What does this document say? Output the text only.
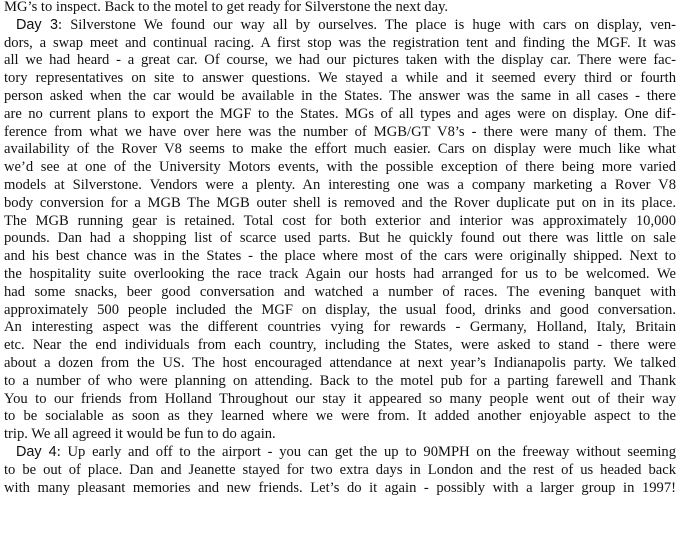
MG’s to inspect. Back to the motel to get ready for Silverstone the next day.
Day 3: Silverstone We found our way all by ourselves. The place is huge with cars on display, ven-
dors, a swap meet and continual racing. A first stop was the registration tent and finding the MGF. It was
all we had heard - a great car. Of course, we had our pictures taken with the display car. There were fac-
tory representatives on site to answer questions. We stayed a while and it seemed every third or fourth
person asked when the car would be available in the States. The answer was the same in all cases - there
are no current plans to export the MGF to the States. MGs of all types and ages were on display. One dif-
ference from what we have over here was the number of MGB/GT V8’s - there were many of them. The
availability of the Rover V8 seems to make the effort much easier. Cars on display were much like what
we’d see at one of the University Motors events, with the possible exception of there being more varied
models at Silverstone. Vendors were a plenty. An interesting one was a company marketing a Rover V8
body conversion for a MGB The MGB outer shell is removed and the Rover duplicate put on in its place.
The MGB running gear is retained. Total cost for both exterior and interior was approximately 10,000
pounds. Dan had a shopping list of scarce used parts. But he quickly found out there was little on sale
and his best chance was in the States - the place where most of the cars were originally shipped. Next to
the hospitality suite overlooking the race track Again our hosts had arranged for us to be welcomed. We
had some snacks, beer good conversation and watched a number of races. The evening banquet with
approximately 500 people included the MGF on display, the usual food, drinks and good conversation.
An interesting aspect was the different countries vying for rewards - Germany, Holland, Italy, Britain
etc. Near the end individuals from each country, including the States, were asked to stand - there were
about a dozen from the US. The host encouraged attendance at next year’s Indianapolis party. We talked
to a number of who were planning on attending. Back to the motel pub for a parting farewell and Thank
You to our friends from Holland Throughout our stay it appeared so many people went out of their way
to be socialable as soon as they learned where we were from. It added another enjoyable aspect to the
trip. We all agreed it would be fun to do again.
Day 4: Up early and off to the airport - you can get the up to 90MPH on the freeway without seeming
to be out of place. Dan and Jeanette stayed for two extra days in London and the rest of us headed back
with many pleasant memories and new friends. Let’s do it again - possibly with a larger group in 1997!
